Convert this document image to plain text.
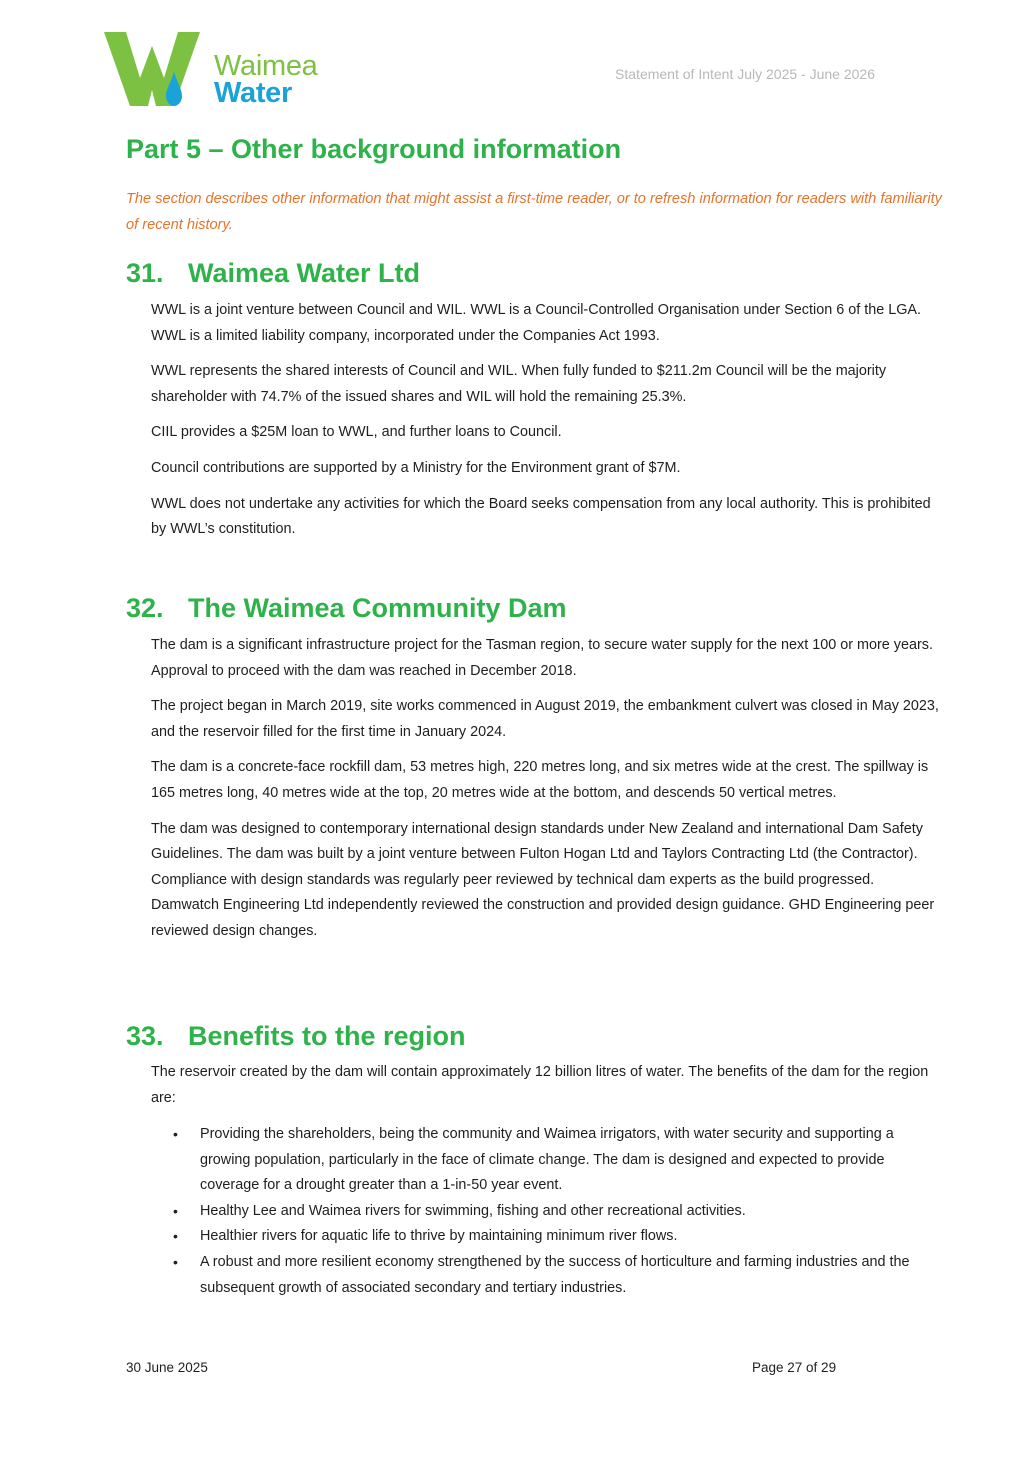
Waimea
Water
Statement of Intent July 2025 - June 2026
Part 5 – Other background information

The section describes other information that might assist a first-time reader, or to refresh information for readers with familiarity of recent history.

31. Waimea Water Ltd

WWL is a joint venture between Council and WIL. WWL is a Council-Controlled Organisation under Section 6 of the LGA. WWL is a limited liability company, incorporated under the Companies Act 1993.

WWL represents the shared interests of Council and WIL. When fully funded to $211.2m Council will be the majority shareholder with 74.7% of the issued shares and WIL will hold the remaining 25.3%.

CIIL provides a $25M loan to WWL, and further loans to Council.

Council contributions are supported by a Ministry for the Environment grant of $7M.

WWL does not undertake any activities for which the Board seeks compensation from any local authority. This is prohibited by WWL’s constitution.

32. The Waimea Community Dam

The dam is a significant infrastructure project for the Tasman region, to secure water supply for the next 100 or more years. Approval to proceed with the dam was reached in December 2018.

The project began in March 2019, site works commenced in August 2019, the embankment culvert was closed in May 2023, and the reservoir filled for the first time in January 2024.

The dam is a concrete-face rockfill dam, 53 metres high, 220 metres long, and six metres wide at the crest. The spillway is 165 metres long, 40 metres wide at the top, 20 metres wide at the bottom, and descends 50 vertical metres.

The dam was designed to contemporary international design standards under New Zealand and international Dam Safety Guidelines. The dam was built by a joint venture between Fulton Hogan Ltd and Taylors Contracting Ltd (the Contractor). Compliance with design standards was regularly peer reviewed by technical dam experts as the build progressed. Damwatch Engineering Ltd independently reviewed the construction and provided design guidance. GHD Engineering peer reviewed design changes.

33. Benefits to the region

The reservoir created by the dam will contain approximately 12 billion litres of water. The benefits of the dam for the region are:

• Providing the shareholders, being the community and Waimea irrigators, with water security and supporting a growing population, particularly in the face of climate change. The dam is designed and expected to provide coverage for a drought greater than a 1-in-50 year event.
• Healthy Lee and Waimea rivers for swimming, fishing and other recreational activities.
• Healthier rivers for aquatic life to thrive by maintaining minimum river flows.
• A robust and more resilient economy strengthened by the success of horticulture and farming industries and the subsequent growth of associated secondary and tertiary industries.
30 June 2025	Page 27 of 29
